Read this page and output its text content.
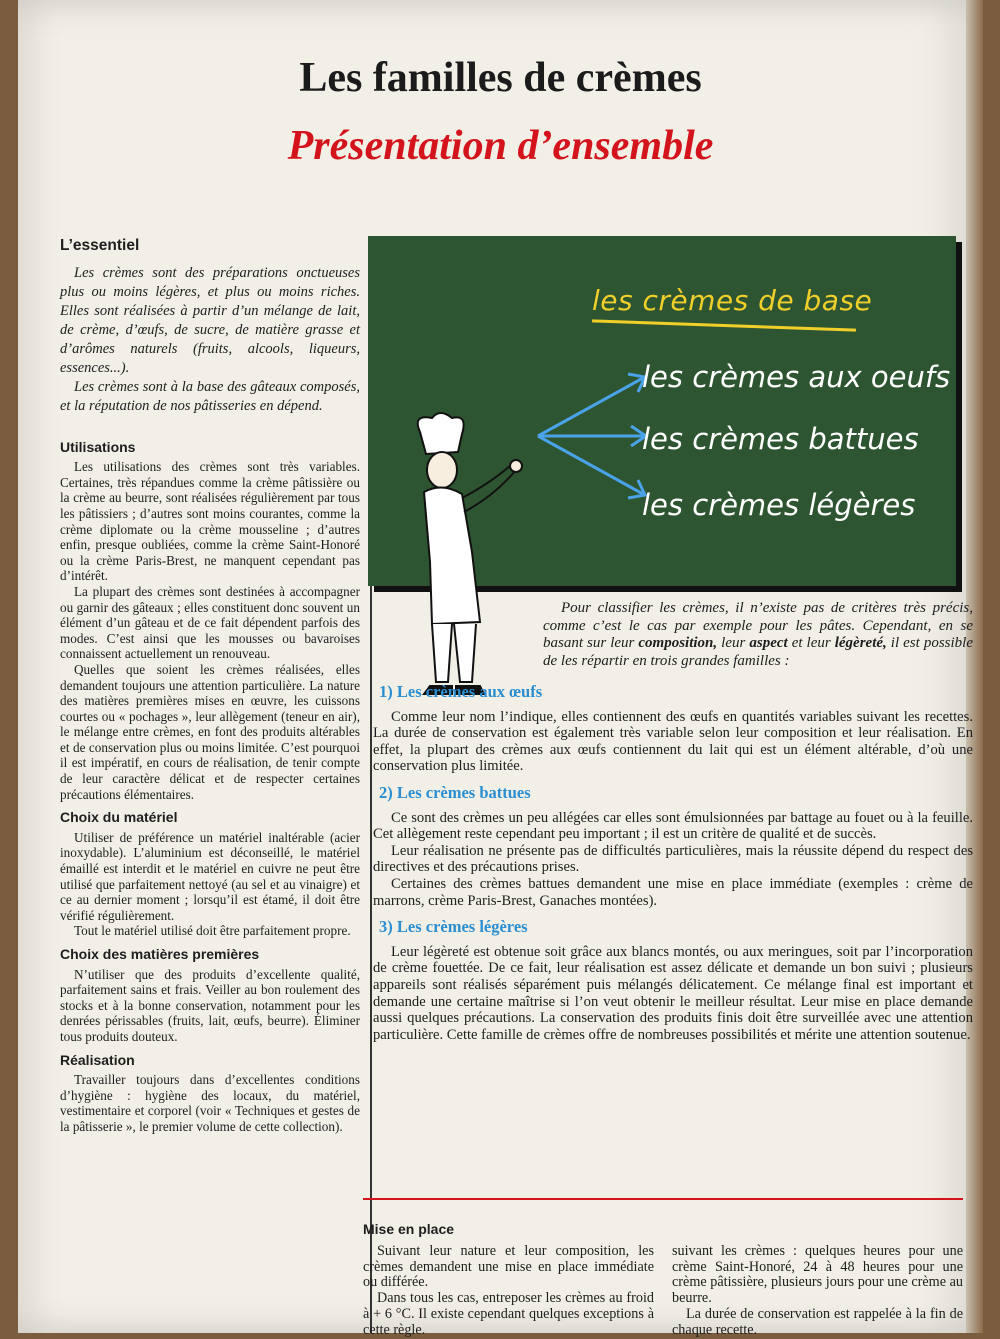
Les familles de crèmes
Présentation d’ensemble
L’essentiel

Les crèmes sont des préparations onctueuses plus ou moins légères, et plus ou moins riches. Elles sont réalisées à partir d’un mélange de lait, de crème, d’œufs, de sucre, de matière grasse et d’arômes naturels (fruits, alcools, liqueurs, essences...).

Les crèmes sont à la base des gâteaux composés, et la réputation de nos pâtisseries en dépend.

Utilisations

Les utilisations des crèmes sont très variables. Certaines, très répandues comme la crème pâtissière ou la crème au beurre, sont réalisées régulièrement par tous les pâtissiers ; d’autres sont moins courantes, comme la crème diplomate ou la crème mousseline ; d’autres enfin, presque oubliées, comme la crème Saint-Honoré ou la crème Paris-Brest, ne manquent cependant pas d’intérêt.

La plupart des crèmes sont destinées à accompagner ou garnir des gâteaux ; elles constituent donc souvent un élément d’un gâteau et de ce fait dépendent parfois des modes. C’est ainsi que les mousses ou bavaroises connaissent actuellement un renouveau.

Quelles que soient les crèmes réalisées, elles demandent toujours une attention particulière. La nature des matières premières mises en œuvre, les cuissons courtes ou « pochages », leur allègement (teneur en air), le mélange entre crèmes, en font des produits altérables et de conservation plus ou moins limitée. C’est pourquoi il est impératif, en cours de réalisation, de tenir compte de leur caractère délicat et de respecter certaines précautions élémentaires.

Choix du matériel

Utiliser de préférence un matériel inaltérable (acier inoxydable). L’aluminium est déconseillé, le matériel émaillé est interdit et le matériel en cuivre ne peut être utilisé que parfaitement nettoyé (au sel et au vinaigre) et ce au dernier moment ; lorsqu’il est étamé, il doit être vérifié régulièrement.

Tout le matériel utilisé doit être parfaitement propre.

Choix des matières premières

N’utiliser que des produits d’excellente qualité, parfaitement sains et frais. Veiller au bon roulement des stocks et à la bonne conservation, notamment pour les denrées périssables (fruits, lait, œufs, beurre). Éliminer tous produits douteux.

Réalisation

Travailler toujours dans d’excellentes conditions d’hygiène : hygiène des locaux, du matériel, vestimentaire et corporel (voir « Techniques et gestes de la pâtisserie », le premier volume de cette collection).

les crèmes de base
les crèmes aux oeufs
les crèmes battues
les crèmes légères

Pour classifier les crèmes, il n’existe pas de critères très précis, comme c’est le cas par exemple pour les pâtes. Cependant, en se basant sur leur composition, leur aspect et leur légèreté, il est possible de les répartir en trois grandes familles :

1) Les crèmes aux œufs

Comme leur nom l’indique, elles contiennent des œufs en quantités variables suivant les recettes. La durée de conservation est également très variable selon leur composition et leur réalisation. En effet, la plupart des crèmes aux œufs contiennent du lait qui est un élément altérable, d’où une conservation plus limitée.

2) Les crèmes battues

Ce sont des crèmes un peu allégées car elles sont émulsionnées par battage au fouet ou à la feuille. Cet allègement reste cependant peu important ; il est un critère de qualité et de succès.

Leur réalisation ne présente pas de difficultés particulières, mais la réussite dépend du respect des directives et des précautions prises.

Certaines des crèmes battues demandent une mise en place immédiate (exemples : crème de marrons, crème Paris-Brest, Ganaches montées).

3) Les crèmes légères

Leur légèreté est obtenue soit grâce aux blancs montés, ou aux meringues, soit par l’incorporation de crème fouettée. De ce fait, leur réalisation est assez délicate et demande un bon suivi ; plusieurs appareils sont réalisés séparément puis mélangés délicatement. Ce mélange final est important et demande une certaine maîtrise si l’on veut obtenir le meilleur résultat. Leur mise en place demande aussi quelques précautions. La conservation des produits finis doit être surveillée avec une attention particulière. Cette famille de crèmes offre de nombreuses possibilités et mérite une attention soutenue.

Mise en place

Suivant leur nature et leur composition, les crèmes demandent une mise en place immédiate ou différée.

Dans tous les cas, entreposer les crèmes au froid à + 6 °C. Il existe cependant quelques exceptions à cette règle.

suivant les crèmes : quelques heures pour une crème Saint-Honoré, 24 à 48 heures pour une crème pâtissière, plusieurs jours pour une crème au beurre.

La durée de conservation est rappelée à la fin de chaque recette.
